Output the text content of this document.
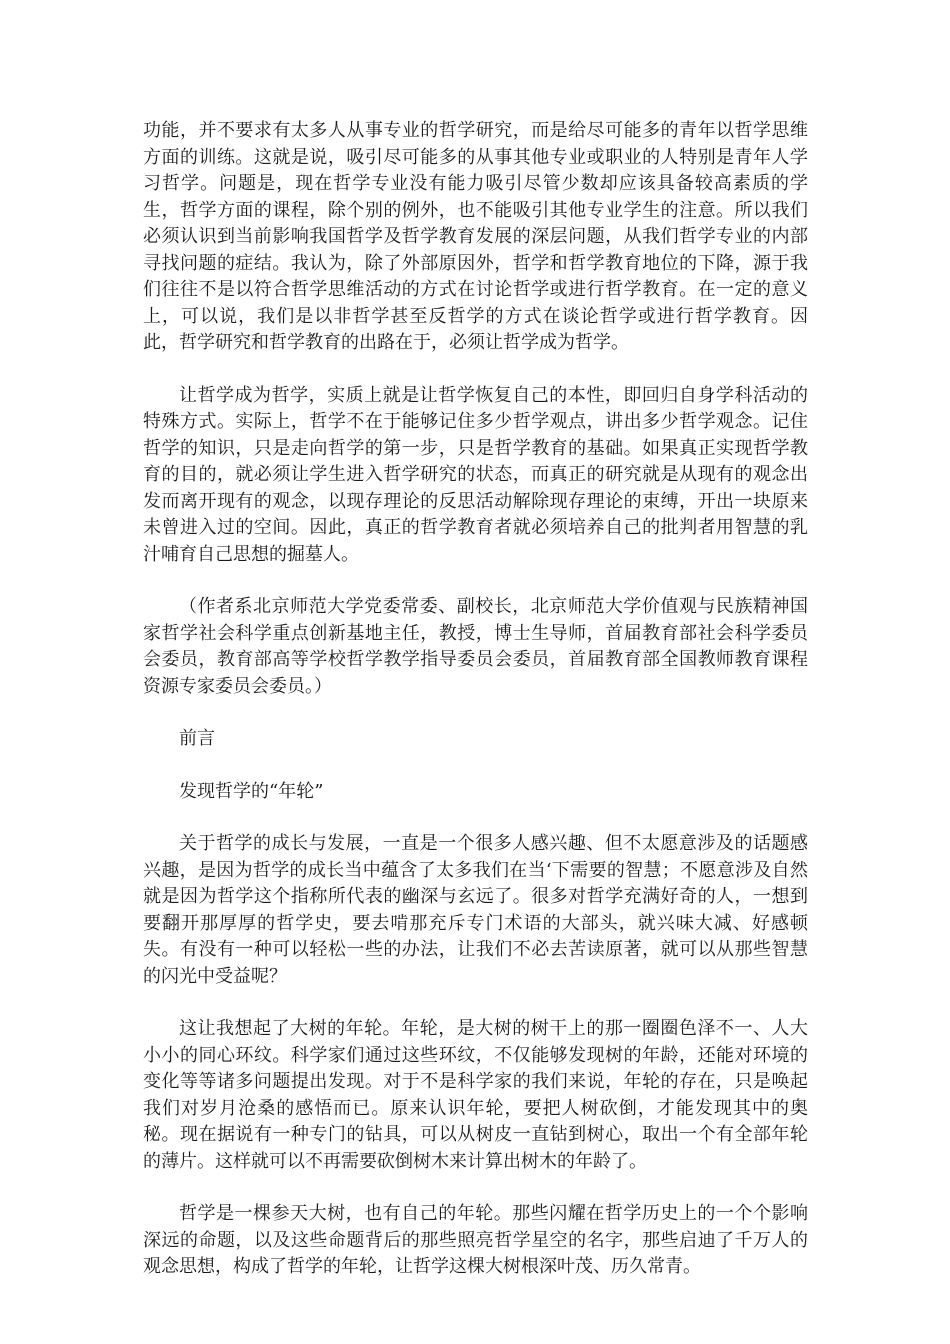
功能，并不要求有太多人从事专业的哲学研究，而是给尽可能多的青年以哲学思维方面的训练。这就是说，吸引尽可能多的从事其他专业或职业的人特别是青年人学习哲学。问题是，现在哲学专业没有能力吸引尽管少数却应该具备较高素质的学生，哲学方面的课程，除个别的例外，也不能吸引其他专业学生的注意。所以我们必须认识到当前影响我国哲学及哲学教育发展的深层问题，从我们哲学专业的内部寻找问题的症结。我认为，除了外部原因外，哲学和哲学教育地位的下降，源于我们往往不是以符合哲学思维活动的方式在讨论哲学或进行哲学教育。在一定的意义上，可以说，我们是以非哲学甚至反哲学的方式在谈论哲学或进行哲学教育。因此，哲学研究和哲学教育的出路在于，必须让哲学成为哲学。

让哲学成为哲学，实质上就是让哲学恢复自己的本性，即回归自身学科活动的特殊方式。实际上，哲学不在于能够记住多少哲学观点，讲出多少哲学观念。记住哲学的知识，只是走向哲学的第一步，只是哲学教育的基础。如果真正实现哲学教育的目的，就必须让学生进入哲学研究的状态，而真正的研究就是从现有的观念出发而离开现有的观念，以现存理论的反思活动解除现存理论的束缚，开出一块原来未曾进入过的空间。因此，真正的哲学教育者就必须培养自己的批判者用智慧的乳汁哺育自己思想的掘墓人。

（作者系北京师范大学党委常委、副校长，北京师范大学价值观与民族精神国家哲学社会科学重点创新基地主任，教授，博士生导师，首届教育部社会科学委员会委员，教育部高等学校哲学教学指导委员会委员，首届教育部全国教师教育课程资源专家委员会委员。）

前言

发现哲学的“年轮”

关于哲学的成长与发展，一直是一个很多人感兴趣、但不太愿意涉及的话题感兴趣，是因为哲学的成长当中蕴含了太多我们在当‘下需要的智慧；不愿意涉及自然就是因为哲学这个指称所代表的幽深与玄远了。很多对哲学充满好奇的人，一想到要翻开那厚厚的哲学史，要去啃那充斥专门术语的大部头，就兴味大减、好感顿失。有没有一种可以轻松一些的办法，让我们不必去苦读原著，就可以从那些智慧的闪光中受益呢？

这让我想起了大树的年轮。年轮，是大树的树干上的那一圈圈色泽不一、人大小小的同心环纹。科学家们通过这些环纹，不仅能够发现树的年龄，还能对环境的变化等等诸多问题提出发现。对于不是科学家的我们来说，年轮的存在，只是唤起我们对岁月沧桑的感悟而已。原来认识年轮，要把人树砍倒，才能发现其中的奥秘。现在据说有一种专门的钻具，可以从树皮一直钻到树心，取出一个有全部年轮的薄片。这样就可以不再需要砍倒树木来计算出树木的年龄了。

哲学是一棵参天大树，也有自己的年轮。那些闪耀在哲学历史上的一个个影响深远的命题，以及这些命题背后的那些照亮哲学星空的名字，那些启迪了千万人的观念思想，构成了哲学的年轮，让哲学这棵大树根深叶茂、历久常青。
